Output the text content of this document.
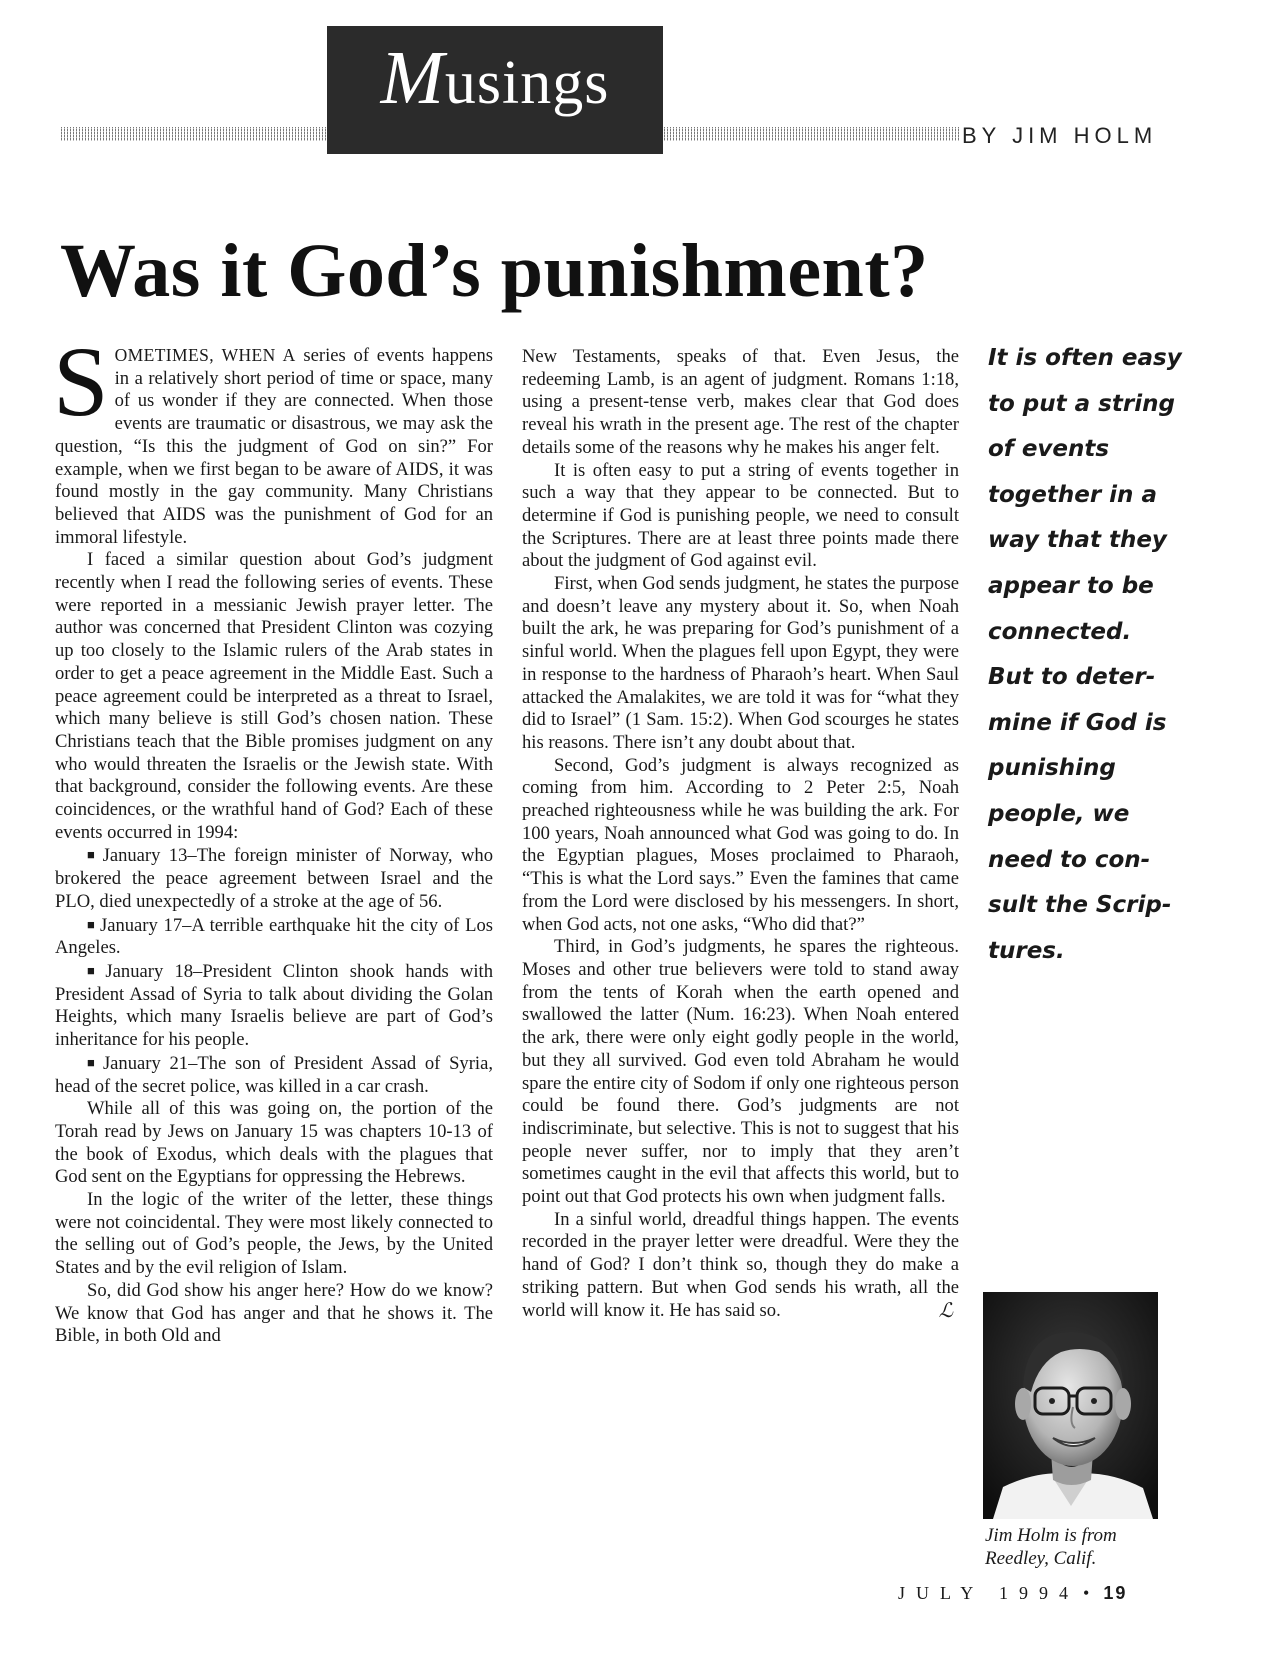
Musings
BY JIM HOLM
Was it God’s punishment?

SOMETIMES, WHEN A series of events happens in a relatively short period of time or space, many of us wonder if they are connected. When those events are traumatic or disastrous, we may ask the question, “Is this the judgment of God on sin?” For example, when we first began to be aware of AIDS, it was found mostly in the gay community. Many Christians believed that AIDS was the punishment of God for an immoral lifestyle.

I faced a similar question about God’s judgment recently when I read the following series of events. These were reported in a messianic Jewish prayer letter. The author was concerned that President Clinton was cozying up too closely to the Islamic rulers of the Arab states in order to get a peace agreement in the Middle East. Such a peace agreement could be interpreted as a threat to Israel, which many believe is still God’s chosen nation. These Christians teach that the Bible promises judgment on any who would threaten the Israelis or the Jewish state. With that background, consider the following events. Are these coincidences, or the wrathful hand of God? Each of these events occurred in 1994:

■ January 13–The foreign minister of Norway, who brokered the peace agreement between Israel and the PLO, died unexpectedly of a stroke at the age of 56.

■ January 17–A terrible earthquake hit the city of Los Angeles.

■ January 18–President Clinton shook hands with President Assad of Syria to talk about dividing the Golan Heights, which many Israelis believe are part of God’s inheritance for his people.

■ January 21–The son of President Assad of Syria, head of the secret police, was killed in a car crash.

While all of this was going on, the portion of the Torah read by Jews on January 15 was chapters 10-13 of the book of Exodus, which deals with the plagues that God sent on the Egyptians for oppressing the Hebrews.

In the logic of the writer of the letter, these things were not coincidental. They were most likely connected to the selling out of God’s people, the Jews, by the United States and by the evil religion of Islam.

So, did God show his anger here? How do we know? We know that God has anger and that he shows it. The Bible, in both Old and

New Testaments, speaks of that. Even Jesus, the redeeming Lamb, is an agent of judgment. Romans 1:18, using a present-tense verb, makes clear that God does reveal his wrath in the present age. The rest of the chapter details some of the reasons why he makes his anger felt.

It is often easy to put a string of events together in such a way that they appear to be connected. But to determine if God is punishing people, we need to consult the Scriptures. There are at least three points made there about the judgment of God against evil.

First, when God sends judgment, he states the purpose and doesn’t leave any mystery about it. So, when Noah built the ark, he was preparing for God’s punishment of a sinful world. When the plagues fell upon Egypt, they were in response to the hardness of Pharaoh’s heart. When Saul attacked the Amalakites, we are told it was for “what they did to Israel” (1 Sam. 15:2). When God scourges he states his reasons. There isn’t any doubt about that.

Second, God’s judgment is always recognized as coming from him. According to 2 Peter 2:5, Noah preached righteousness while he was building the ark. For 100 years, Noah announced what God was going to do. In the Egyptian plagues, Moses proclaimed to Pharaoh, “This is what the Lord says.” Even the famines that came from the Lord were disclosed by his messengers. In short, when God acts, not one asks, “Who did that?”

Third, in God’s judgments, he spares the righteous. Moses and other true believers were told to stand away from the tents of Korah when the earth opened and swallowed the latter (Num. 16:23). When Noah entered the ark, there were only eight godly people in the world, but they all survived. God even told Abraham he would spare the entire city of Sodom if only one righteous person could be found there. God’s judgments are not indiscriminate, but selective. This is not to suggest that his people never suffer, nor to imply that they aren’t sometimes caught in the evil that affects this world, but to point out that God protects his own when judgment falls.

In a sinful world, dreadful things happen. The events recorded in the prayer letter were dreadful. Were they the hand of God? I don’t think so, though they do make a striking pattern. But when God sends his wrath, all the world will know it. He has said so.	ℒ

It is often easy
to put a string
of events
together in a
way that they
appear to be
connected.
But to deter-
mine if God is
punishing
people, we
need to con-
sult the Scrip-
tures.
Jim Holm is from Reedley, Calif.
JULY 1994 • 19
